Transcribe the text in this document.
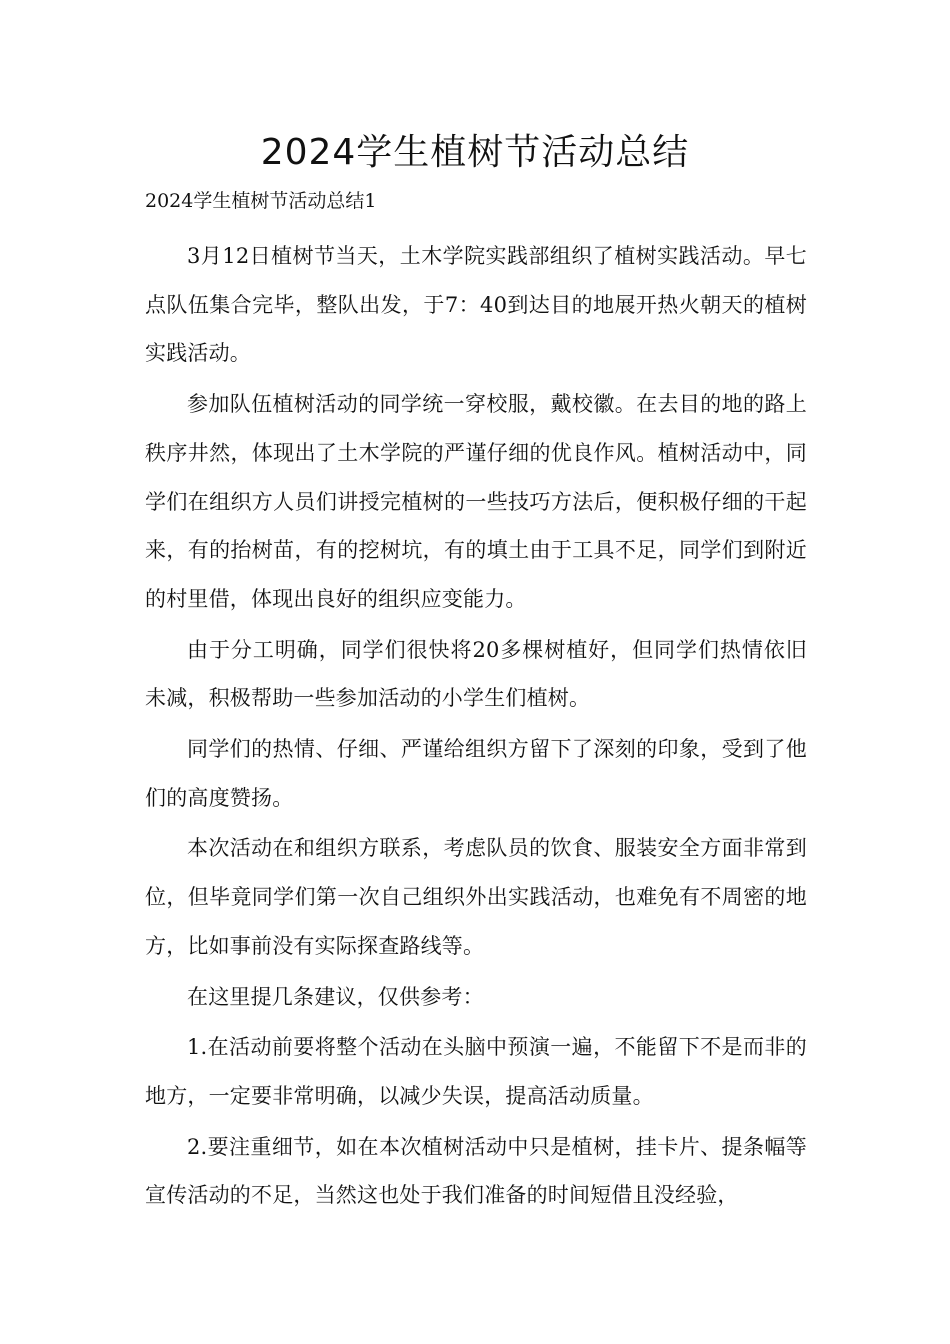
2024学生植树节活动总结

2024学生植树节活动总结1

3月12日植树节当天，土木学院实践部组织了植树实践活动。早七点队伍集合完毕，整队出发，于7：40到达目的地展开热火朝天的植树实践活动。

参加队伍植树活动的同学统一穿校服，戴校徽。在去目的地的路上秩序井然，体现出了土木学院的严谨仔细的优良作风。植树活动中，同学们在组织方人员们讲授完植树的一些技巧方法后，便积极仔细的干起来，有的抬树苗，有的挖树坑，有的填土由于工具不足，同学们到附近的村里借，体现出良好的组织应变能力。

由于分工明确，同学们很快将20多棵树植好，但同学们热情依旧未减，积极帮助一些参加活动的小学生们植树。

同学们的热情、仔细、严谨给组织方留下了深刻的印象，受到了他们的高度赞扬。

本次活动在和组织方联系，考虑队员的饮食、服装安全方面非常到位，但毕竟同学们第一次自己组织外出实践活动，也难免有不周密的地方，比如事前没有实际探查路线等。

在这里提几条建议，仅供参考：

1.在活动前要将整个活动在头脑中预演一遍，不能留下不是而非的地方，一定要非常明确，以减少失误，提高活动质量。

2.要注重细节，如在本次植树活动中只是植树，挂卡片、提条幅等宣传活动的不足，当然这也处于我们准备的时间短借且没经验，
